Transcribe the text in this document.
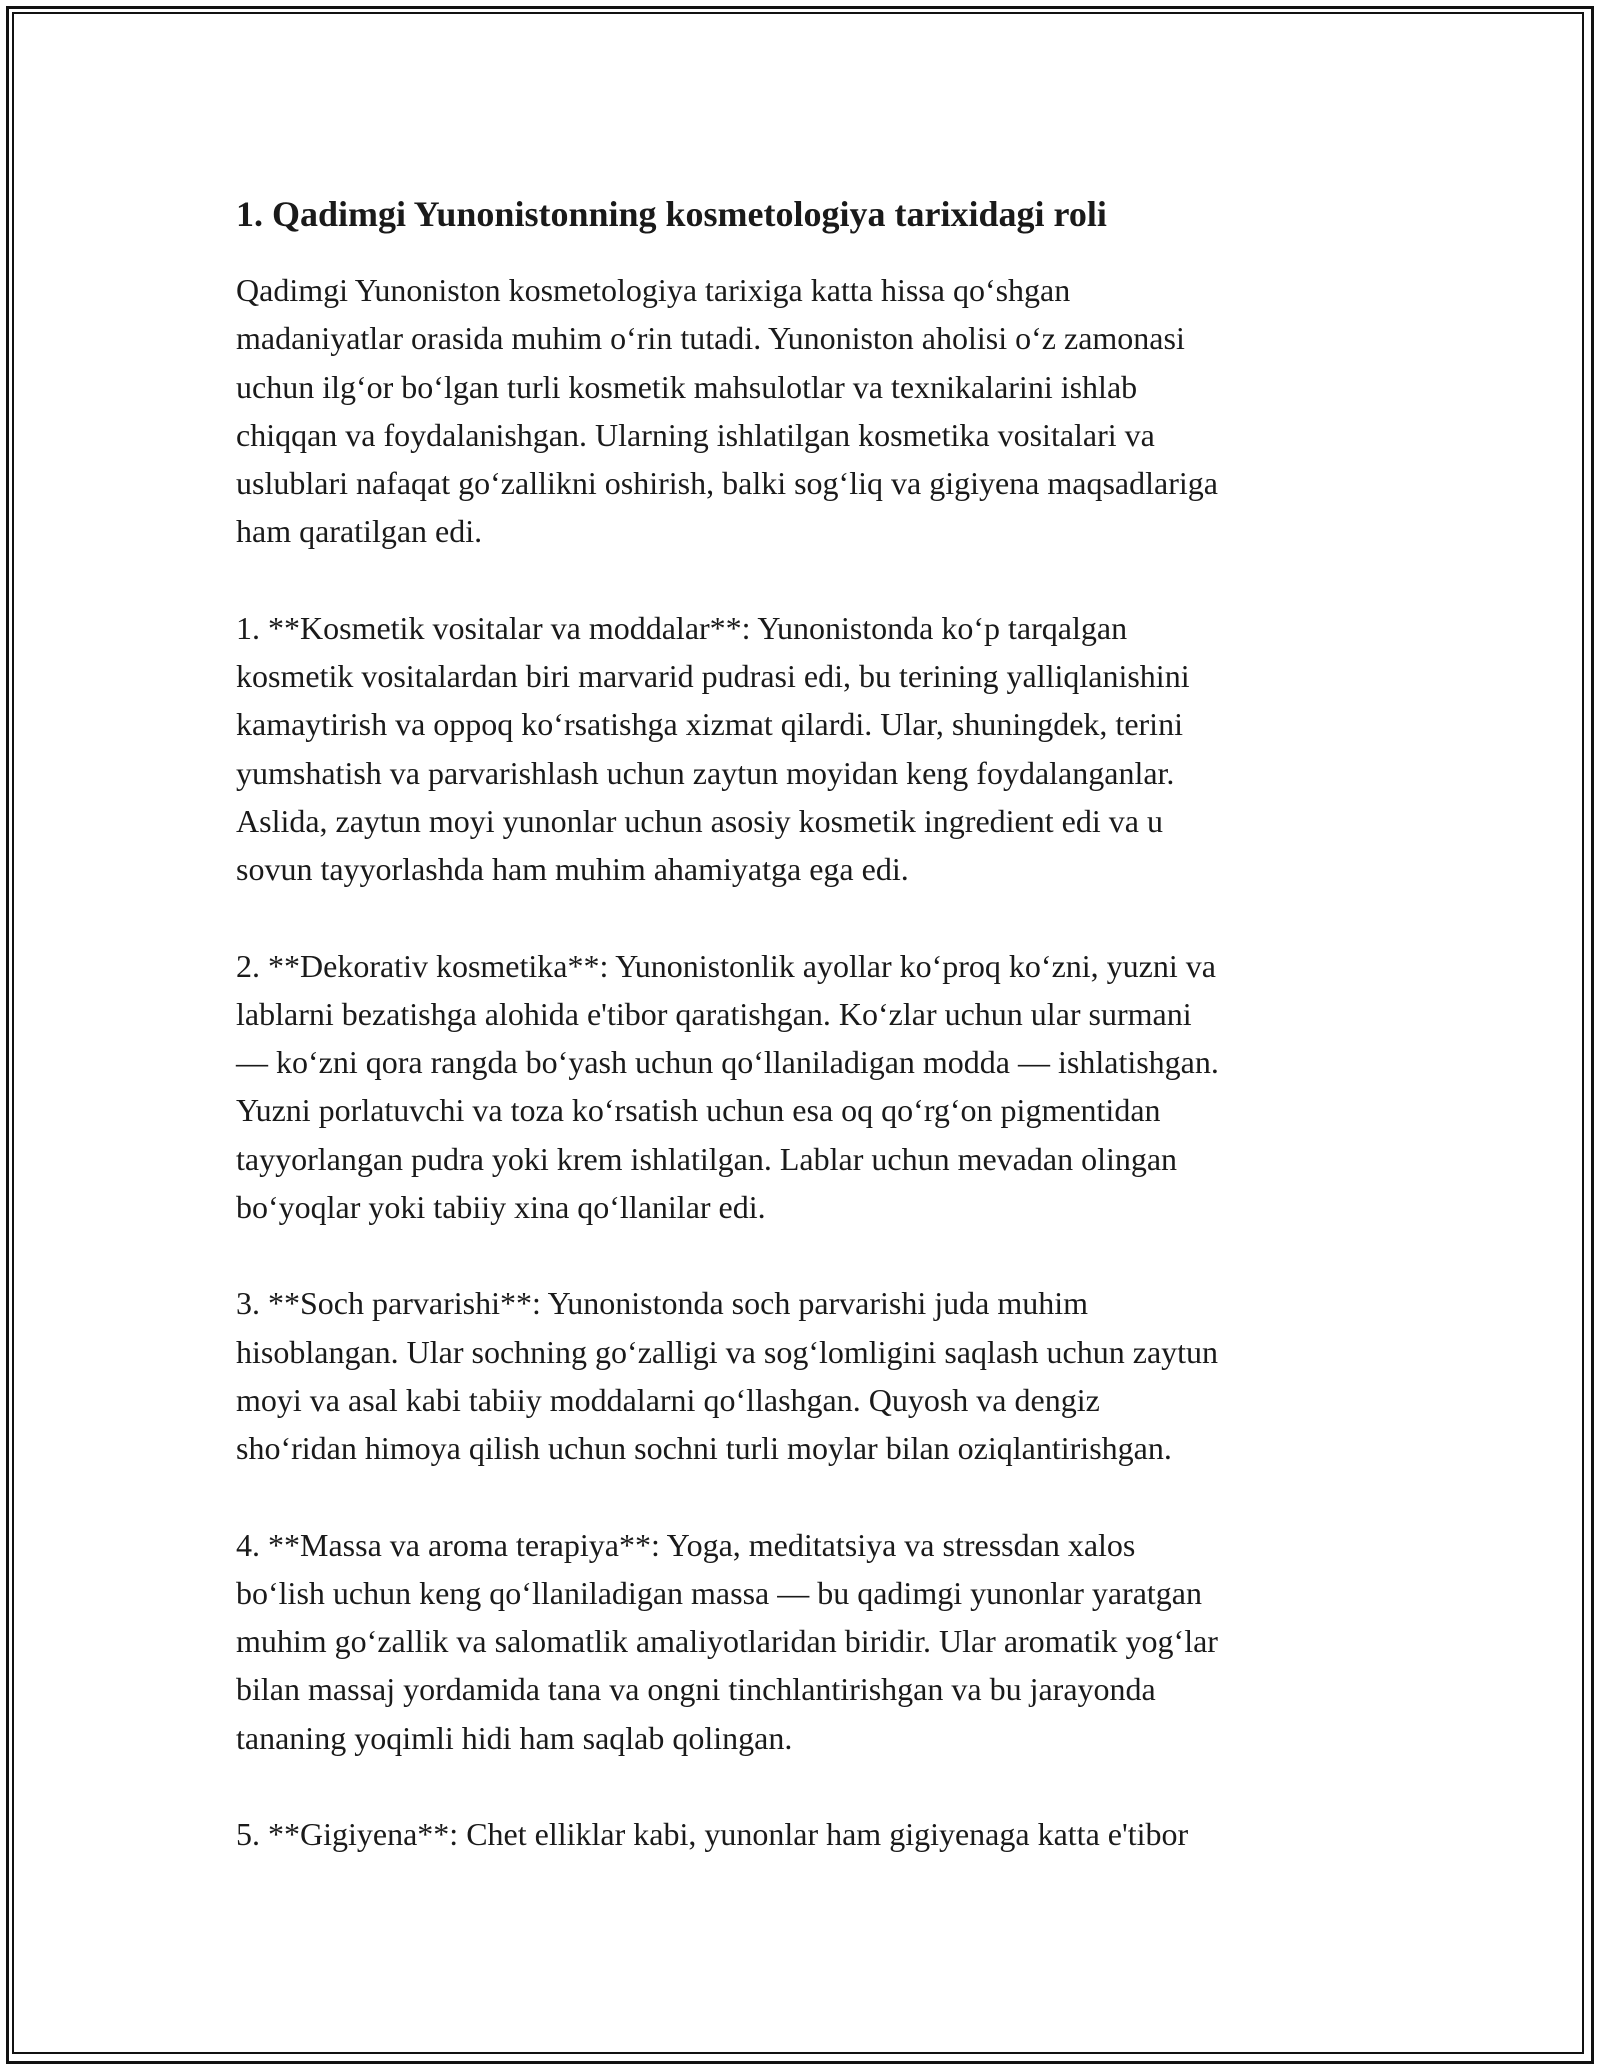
1. Qadimgi Yunonistonning kosmetologiya tarixidagi roli

Qadimgi Yunoniston kosmetologiya tarixiga katta hissa qo‘shgan
madaniyatlar orasida muhim o‘rin tutadi. Yunoniston aholisi o‘z zamonasi
uchun ilg‘or bo‘lgan turli kosmetik mahsulotlar va texnikalarini ishlab
chiqqan va foydalanishgan. Ularning ishlatilgan kosmetika vositalari va
uslublari nafaqat go‘zallikni oshirish, balki sog‘liq va gigiyena maqsadlariga
ham qaratilgan edi.

1. **Kosmetik vositalar va moddalar**: Yunonistonda ko‘p tarqalgan
kosmetik vositalardan biri marvarid pudrasi edi, bu terining yalliqlanishini
kamaytirish va oppoq ko‘rsatishga xizmat qilardi. Ular, shuningdek, terini
yumshatish va parvarishlash uchun zaytun moyidan keng foydalanganlar.
Aslida, zaytun moyi yunonlar uchun asosiy kosmetik ingredient edi va u
sovun tayyorlashda ham muhim ahamiyatga ega edi.

2. **Dekorativ kosmetika**: Yunonistonlik ayollar ko‘proq ko‘zni, yuzni va
lablarni bezatishga alohida e'tibor qaratishgan. Ko‘zlar uchun ular surmani
— ko‘zni qora rangda bo‘yash uchun qo‘llaniladigan modda — ishlatishgan.
Yuzni porlatuvchi va toza ko‘rsatish uchun esa oq qo‘rg‘on pigmentidan
tayyorlangan pudra yoki krem ishlatilgan. Lablar uchun mevadan olingan
bo‘yoqlar yoki tabiiy xina qo‘llanilar edi.

3. **Soch parvarishi**: Yunonistonda soch parvarishi juda muhim
hisoblangan. Ular sochning go‘zalligi va sog‘lomligini saqlash uchun zaytun
moyi va asal kabi tabiiy moddalarni qo‘llashgan. Quyosh va dengiz
sho‘ridan himoya qilish uchun sochni turli moylar bilan oziqlantirishgan.

4. **Massa va aroma terapiya**: Yoga, meditatsiya va stressdan xalos
bo‘lish uchun keng qo‘llaniladigan massa — bu qadimgi yunonlar yaratgan
muhim go‘zallik va salomatlik amaliyotlaridan biridir. Ular aromatik yog‘lar
bilan massaj yordamida tana va ongni tinchlantirishgan va bu jarayonda
tananing yoqimli hidi ham saqlab qolingan.

5. **Gigiyena**: Chet elliklar kabi, yunonlar ham gigiyenaga katta e'tibor
